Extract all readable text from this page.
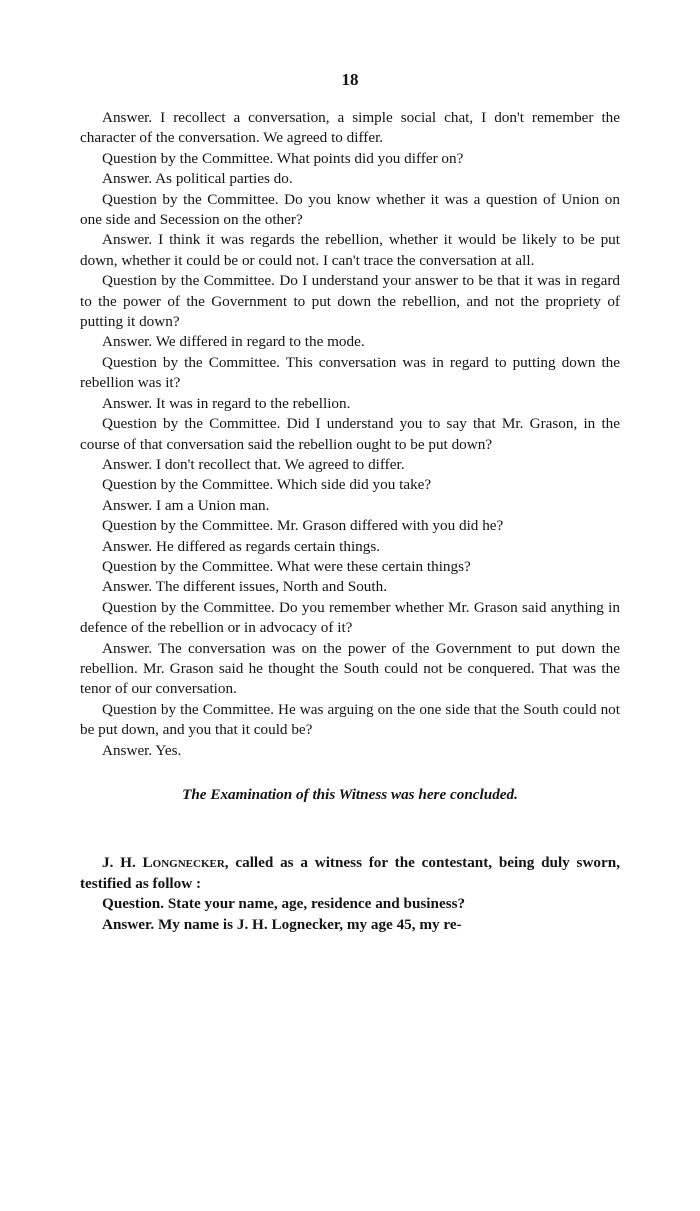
18

Answer. I recollect a conversation, a simple social chat, I don't remember the character of the conversation. We agreed to differ.

Question by the Committee. What points did you differ on?

Answer. As political parties do.

Question by the Committee. Do you know whether it was a question of Union on one side and Secession on the other?

Answer. I think it was regards the rebellion, whether it would be likely to be put down, whether it could be or could not. I can't trace the conversation at all.

Question by the Committee. Do I understand your answer to be that it was in regard to the power of the Government to put down the rebellion, and not the propriety of putting it down?

Answer. We differed in regard to the mode.

Question by the Committee. This conversation was in regard to putting down the rebellion was it?

Answer. It was in regard to the rebellion.

Question by the Committee. Did I understand you to say that Mr. Grason, in the course of that conversation said the rebellion ought to be put down?

Answer. I don't recollect that. We agreed to differ.

Question by the Committee. Which side did you take?

Answer. I am a Union man.

Question by the Committee. Mr. Grason differed with you did he?

Answer. He differed as regards certain things.

Question by the Committee. What were these certain things?

Answer. The different issues, North and South.

Question by the Committee. Do you remember whether Mr. Grason said anything in defence of the rebellion or in advocacy of it?

Answer. The conversation was on the power of the Government to put down the rebellion. Mr. Grason said he thought the South could not be conquered. That was the tenor of our conversation.

Question by the Committee. He was arguing on the one side that the South could not be put down, and you that it could be?

Answer. Yes.

The Examination of this Witness was here concluded.

J. H. Longnecker, called as a witness for the contestant, being duly sworn, testified as follow :

Question. State your name, age, residence and business?

Answer. My name is J. H. Lognecker, my age 45, my re-
